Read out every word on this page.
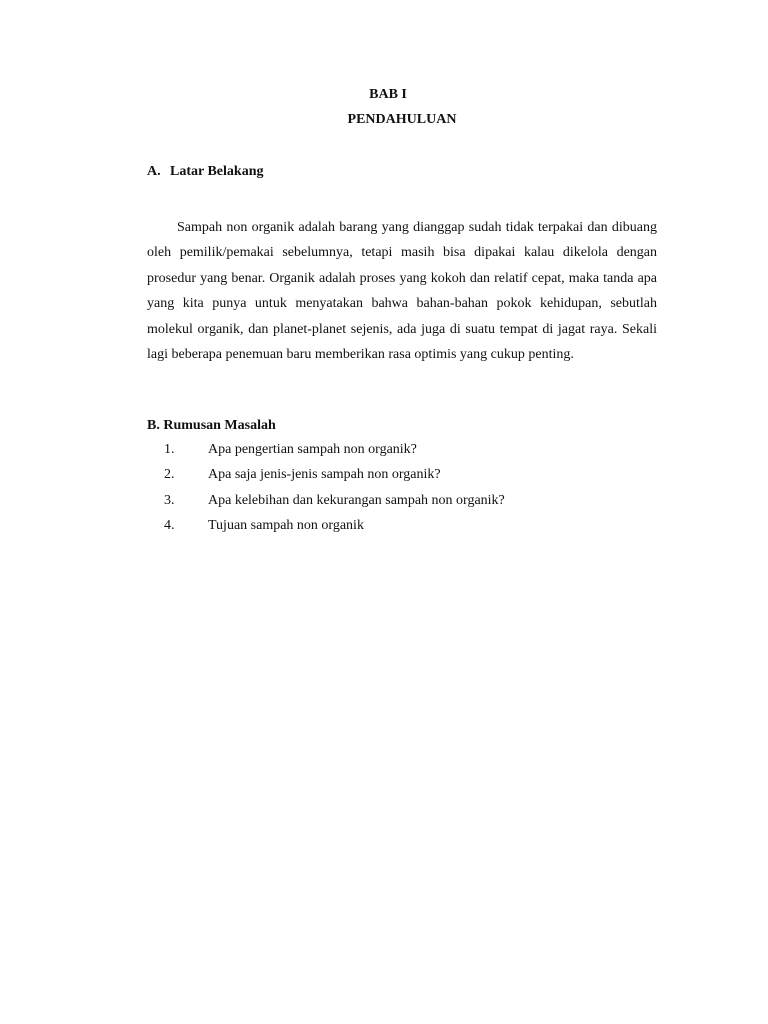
BAB I
PENDAHULUAN
A. Latar Belakang

Sampah non organik adalah barang yang dianggap sudah tidak terpakai dan dibuang oleh pemilik/pemakai sebelumnya, tetapi masih bisa dipakai kalau dikelola dengan prosedur yang benar. Organik adalah proses yang kokoh dan relatif cepat, maka tanda apa yang kita punya untuk menyatakan bahwa bahan-bahan pokok kehidupan, sebutlah molekul organik, dan planet-planet sejenis, ada juga di suatu tempat di jagat raya. Sekali lagi beberapa penemuan baru memberikan rasa optimis yang cukup penting.

B. Rumusan Masalah
1. Apa pengertian sampah non organik?
2. Apa saja jenis-jenis sampah non organik?
3. Apa kelebihan dan kekurangan sampah non organik?
4. Tujuan sampah non organik
